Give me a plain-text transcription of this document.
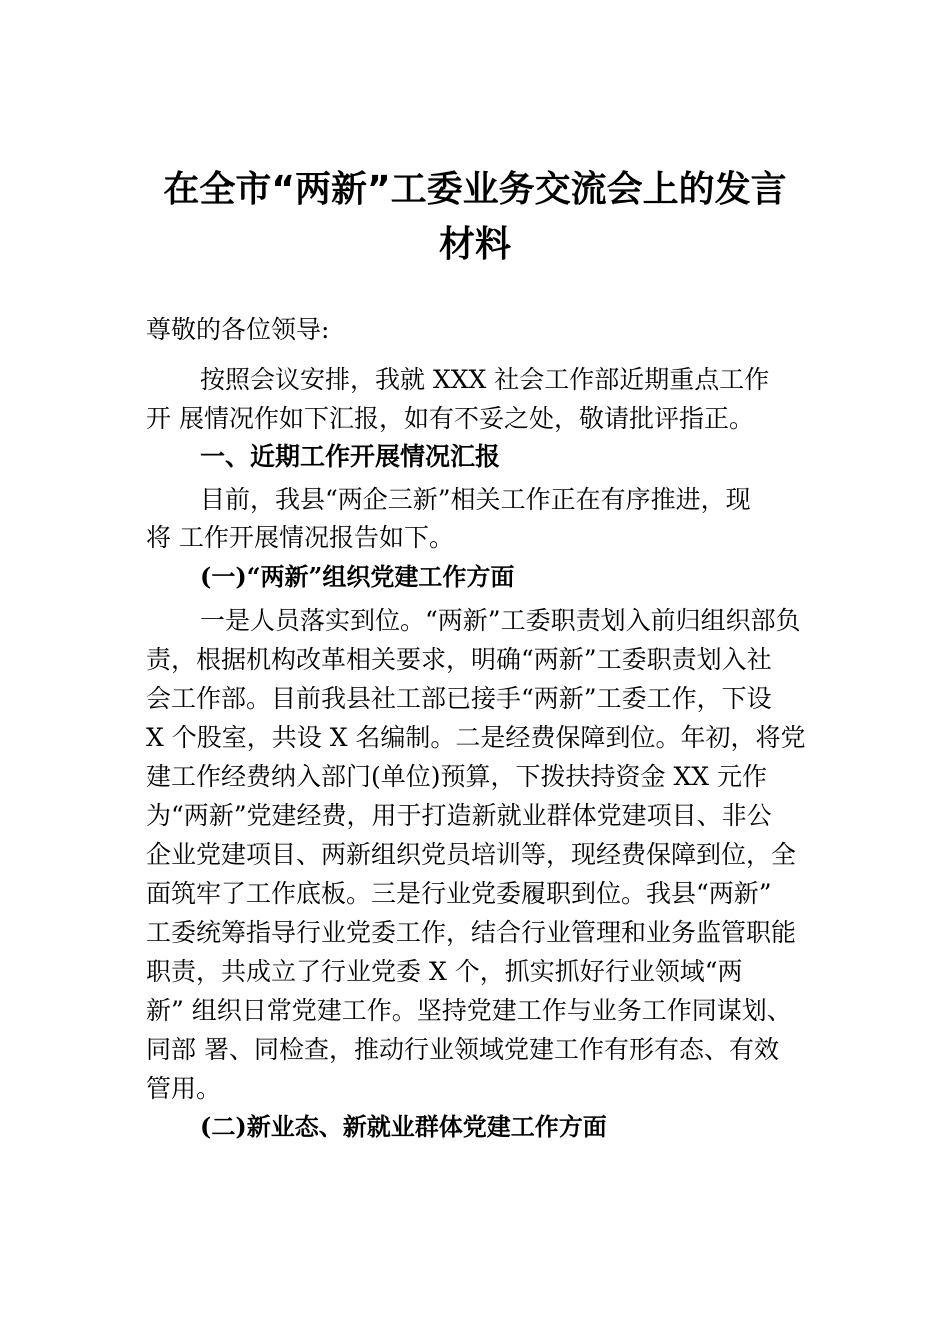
在全市“两新”工委业务交流会上的发言
材料

尊敬的各位领导:

按照会议安排，我就 XXX 社会工作部近期重点工作

开 展情况作如下汇报，如有不妥之处，敬请批评指正。

一、近期工作开展情况汇报

目前，我县“两企三新”相关工作正在有序推进，现

将 工作开展情况报告如下。

(一)“两新”组织党建工作方面

一是人员落实到位。“两新”工委职责划入前归组织部负

责，根据机构改革相关要求，明确“两新”工委职责划入社

会工作部。目前我县社工部已接手“两新”工委工作，下设

X 个股室，共设 X 名编制。二是经费保障到位。年初，将党

建工作经费纳入部门(单位)预算，下拨扶持资金 XX 元作

为“两新”党建经费，用于打造新就业群体党建项目、非公

企业党建项目、两新组织党员培训等，现经费保障到位，全

面筑牢了工作底板。三是行业党委履职到位。我县“两新”

工委统筹指导行业党委工作，结合行业管理和业务监管职能

职责，共成立了行业党委 X 个，抓实抓好行业领域“两

新” 组织日常党建工作。坚持党建工作与业务工作同谋划、

同部 署、同检查，推动行业领域党建工作有形有态、有效

管用。

(二)新业态、新就业群体党建工作方面
